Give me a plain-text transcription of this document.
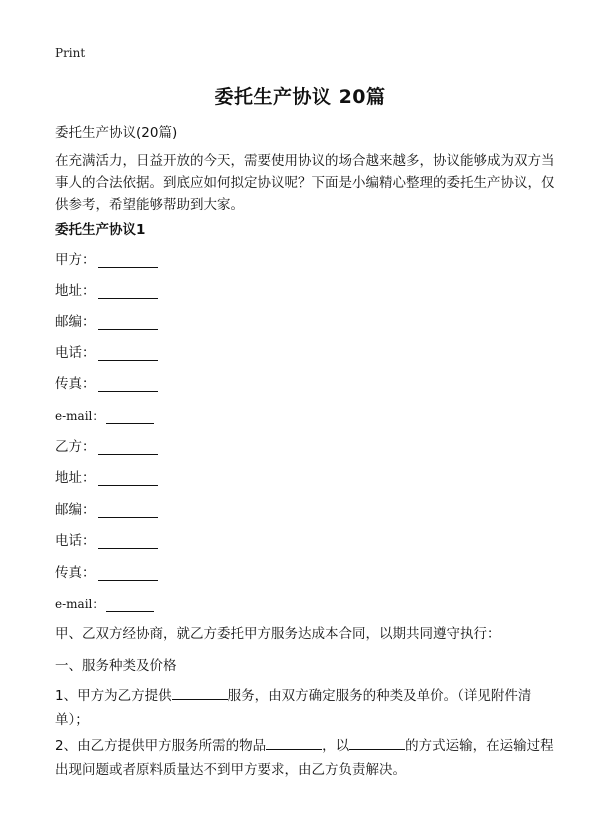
Print
委托生产协议 20篇
委托生产协议(20篇)
在充满活力，日益开放的今天，需要使用协议的场合越来越多，协议能够成为双方当事人的合法依据。到底应如何拟定协议呢？下面是小编精心整理的委托生产协议，仅供参考，希望能够帮助到大家。
委托生产协议1
甲方：
地址：
邮编：
电话：
传真：
e-mail：
乙方：
地址：
邮编：
电话：
传真：
e-mail：
甲、乙双方经协商，就乙方委托甲方服务达成本合同，以期共同遵守执行：
一、服务种类及价格
1、甲方为乙方提供	服务，由双方确定服务的种类及单价。（详见附件清单）；
2、由乙方提供甲方服务所需的物品	，以	的方式运输，在运输过程出现问题或者原料质量达不到甲方要求，由乙方负责解决。
